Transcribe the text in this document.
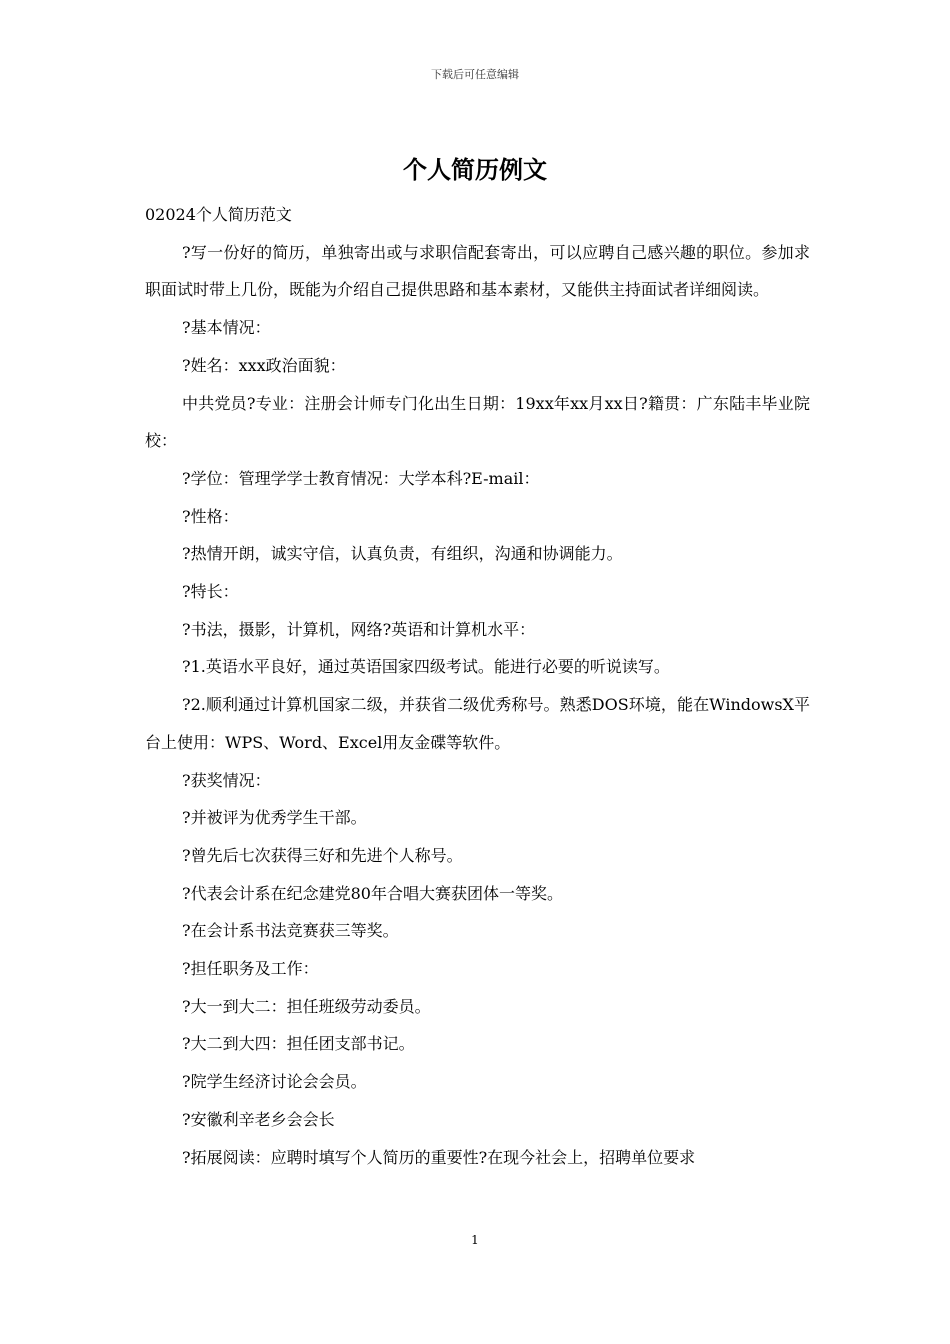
下载后可任意编辑
个人简历例文

02024个人简历范文

?写一份好的简历，单独寄出或与求职信配套寄出，可以应聘自己感兴趣的职位。参加求职面试时带上几份，既能为介绍自己提供思路和基本素材，又能供主持面试者详细阅读。

?基本情况：

?姓名：xxx政治面貌：

中共党员?专业：注册会计师专门化出生日期：19xx年xx月xx日?籍贯：广东陆丰毕业院校：

?学位：管理学学士教育情况：大学本科?E-mail：

?性格：

?热情开朗，诚实守信，认真负责，有组织，沟通和协调能力。

?特长：

?书法，摄影，计算机，网络?英语和计算机水平：

?1.英语水平良好，通过英语国家四级考试。能进行必要的听说读写。

?2.顺利通过计算机国家二级，并获省二级优秀称号。熟悉DOS环境，能在WindowsX平台上使用：WPS、Word、Excel用友金碟等软件。

?获奖情况：

?并被评为优秀学生干部。

?曾先后七次获得三好和先进个人称号。

?代表会计系在纪念建党80年合唱大赛获团体一等奖。

?在会计系书法竞赛获三等奖。

?担任职务及工作：

?大一到大二：担任班级劳动委员。

?大二到大四：担任团支部书记。

?院学生经济讨论会会员。

?安徽利辛老乡会会长

?拓展阅读：应聘时填写个人简历的重要性?在现今社会上，招聘单位要求

1
